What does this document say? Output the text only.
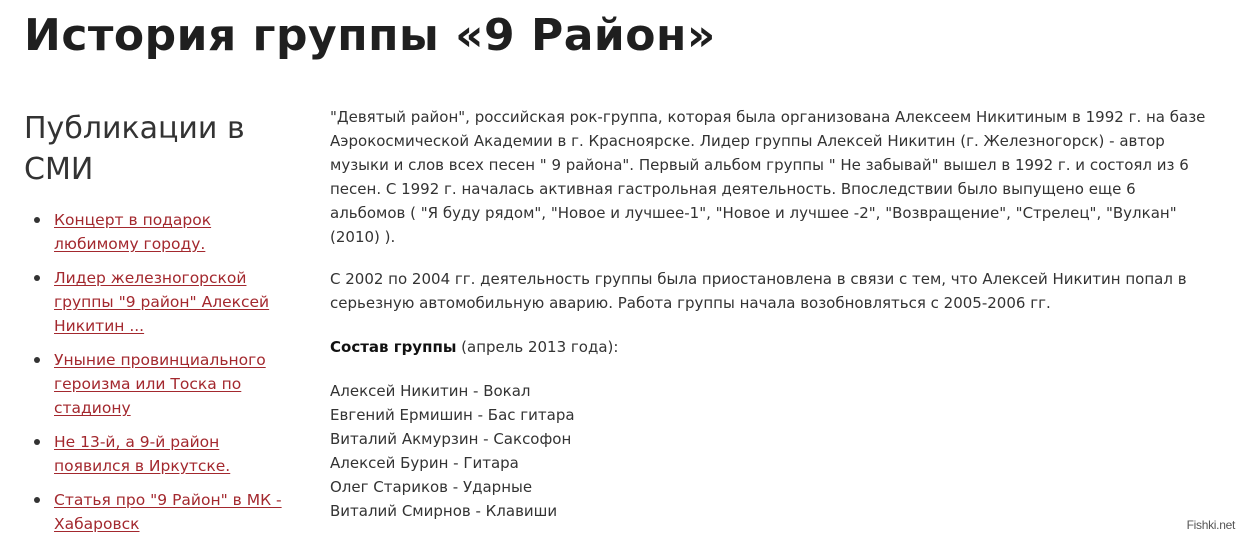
История группы «9 Район»
Публикации в СМИ
Концерт в подарок любимому городу.
Лидер железногорской группы "9 район" Алексей Никитин ...
Уныние провинциального героизма или Тоска по стадиону
Не 13-й, а 9-й район появился в Иркутске.
Статья про "9 Район" в МК - Хабаровск

"Девятый район", российская рок-группа, которая была организована Алексеем Никитиным в 1992 г. на базе Аэрокосмической Академии в г. Красноярске. Лидер группы Алексей Никитин (г. Железногорск) - автор музыки и слов всех песен " 9 района". Первый альбом группы " Не забывай" вышел в 1992 г. и состоял из 6 песен. С 1992 г. началась активная гастрольная деятельность. Впоследствии было выпущено еще 6 альбомов ( "Я буду рядом", "Новое и лучшее-1", "Новое и лучшее -2", "Возвращение", "Стрелец", "Вулкан" (2010) ).

С 2002 по 2004 гг. деятельность группы была приостановлена в связи с тем, что Алексей Никитин попал в серьезную автомобильную аварию. Работа группы начала возобновляться с 2005-2006 гг.

Состав группы (апрель 2013 года):

Алексей Никитин - Вокал
Евгений Ермишин - Бас гитара
Виталий Акмурзин - Саксофон
Алексей Бурин - Гитара
Олег Стариков - Ударные
Виталий Смирнов - Клавиши
Fishki.net
